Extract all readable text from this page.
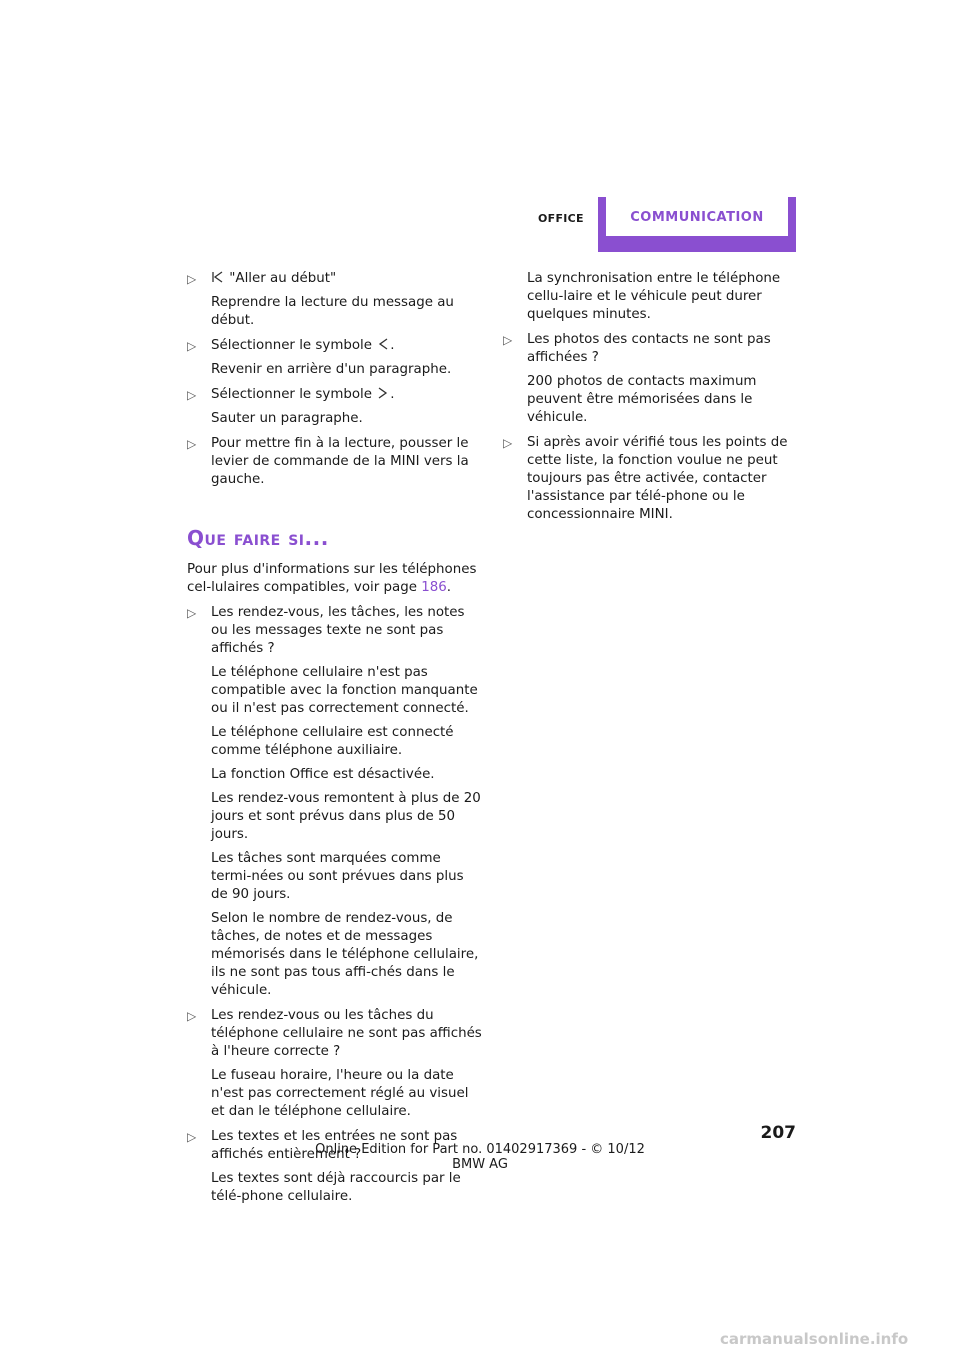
OFFICE	COMMUNICATION
▷	"Aller au début"
Reprendre la lecture du message au début.
▷ Sélectionner le symbole .
Revenir en arrière d'un paragraphe.
▷ Sélectionner le symbole .
Sauter un paragraphe.
▷ Pour mettre fin à la lecture, pousser le levier de commande de la MINI vers la gauche.
Que faire si...

Pour plus d'informations sur les téléphones cel-lulaires compatibles, voir page 186.

▷ Les rendez-vous, les tâches, les notes ou les messages texte ne sont pas affichés ?
Le téléphone cellulaire n'est pas compatible avec la fonction manquante ou il n'est pas correctement connecté.
Le téléphone cellulaire est connecté comme téléphone auxiliaire.
La fonction Office est désactivée.
Les rendez-vous remontent à plus de 20 jours et sont prévus dans plus de 50 jours.
Les tâches sont marquées comme termi-nées ou sont prévues dans plus de 90 jours.
Selon le nombre de rendez-vous, de tâches, de notes et de messages mémorisés dans le téléphone cellulaire, ils ne sont pas tous affi-chés dans le véhicule.
▷ Les rendez-vous ou les tâches du téléphone cellulaire ne sont pas affichés à l'heure correcte ?
Le fuseau horaire, l'heure ou la date n'est pas correctement réglé au visuel et dan le téléphone cellulaire.
▷ Les textes et les entrées ne sont pas affichés entièrement ?
Les textes sont déjà raccourcis par le télé-phone cellulaire.
La synchronisation entre le téléphone cellu-laire et le véhicule peut durer quelques minutes.
▷ Les photos des contacts ne sont pas affichées ?
200 photos de contacts maximum peuvent être mémorisées dans le véhicule.
▷ Si après avoir vérifié tous les points de cette liste, la fonction voulue ne peut toujours pas être activée, contacter l'assistance par télé-phone ou le concessionnaire MINI.
207
Online Edition for Part no. 01402917369 - © 10/12 BMW AG
carmanualsonline.info
